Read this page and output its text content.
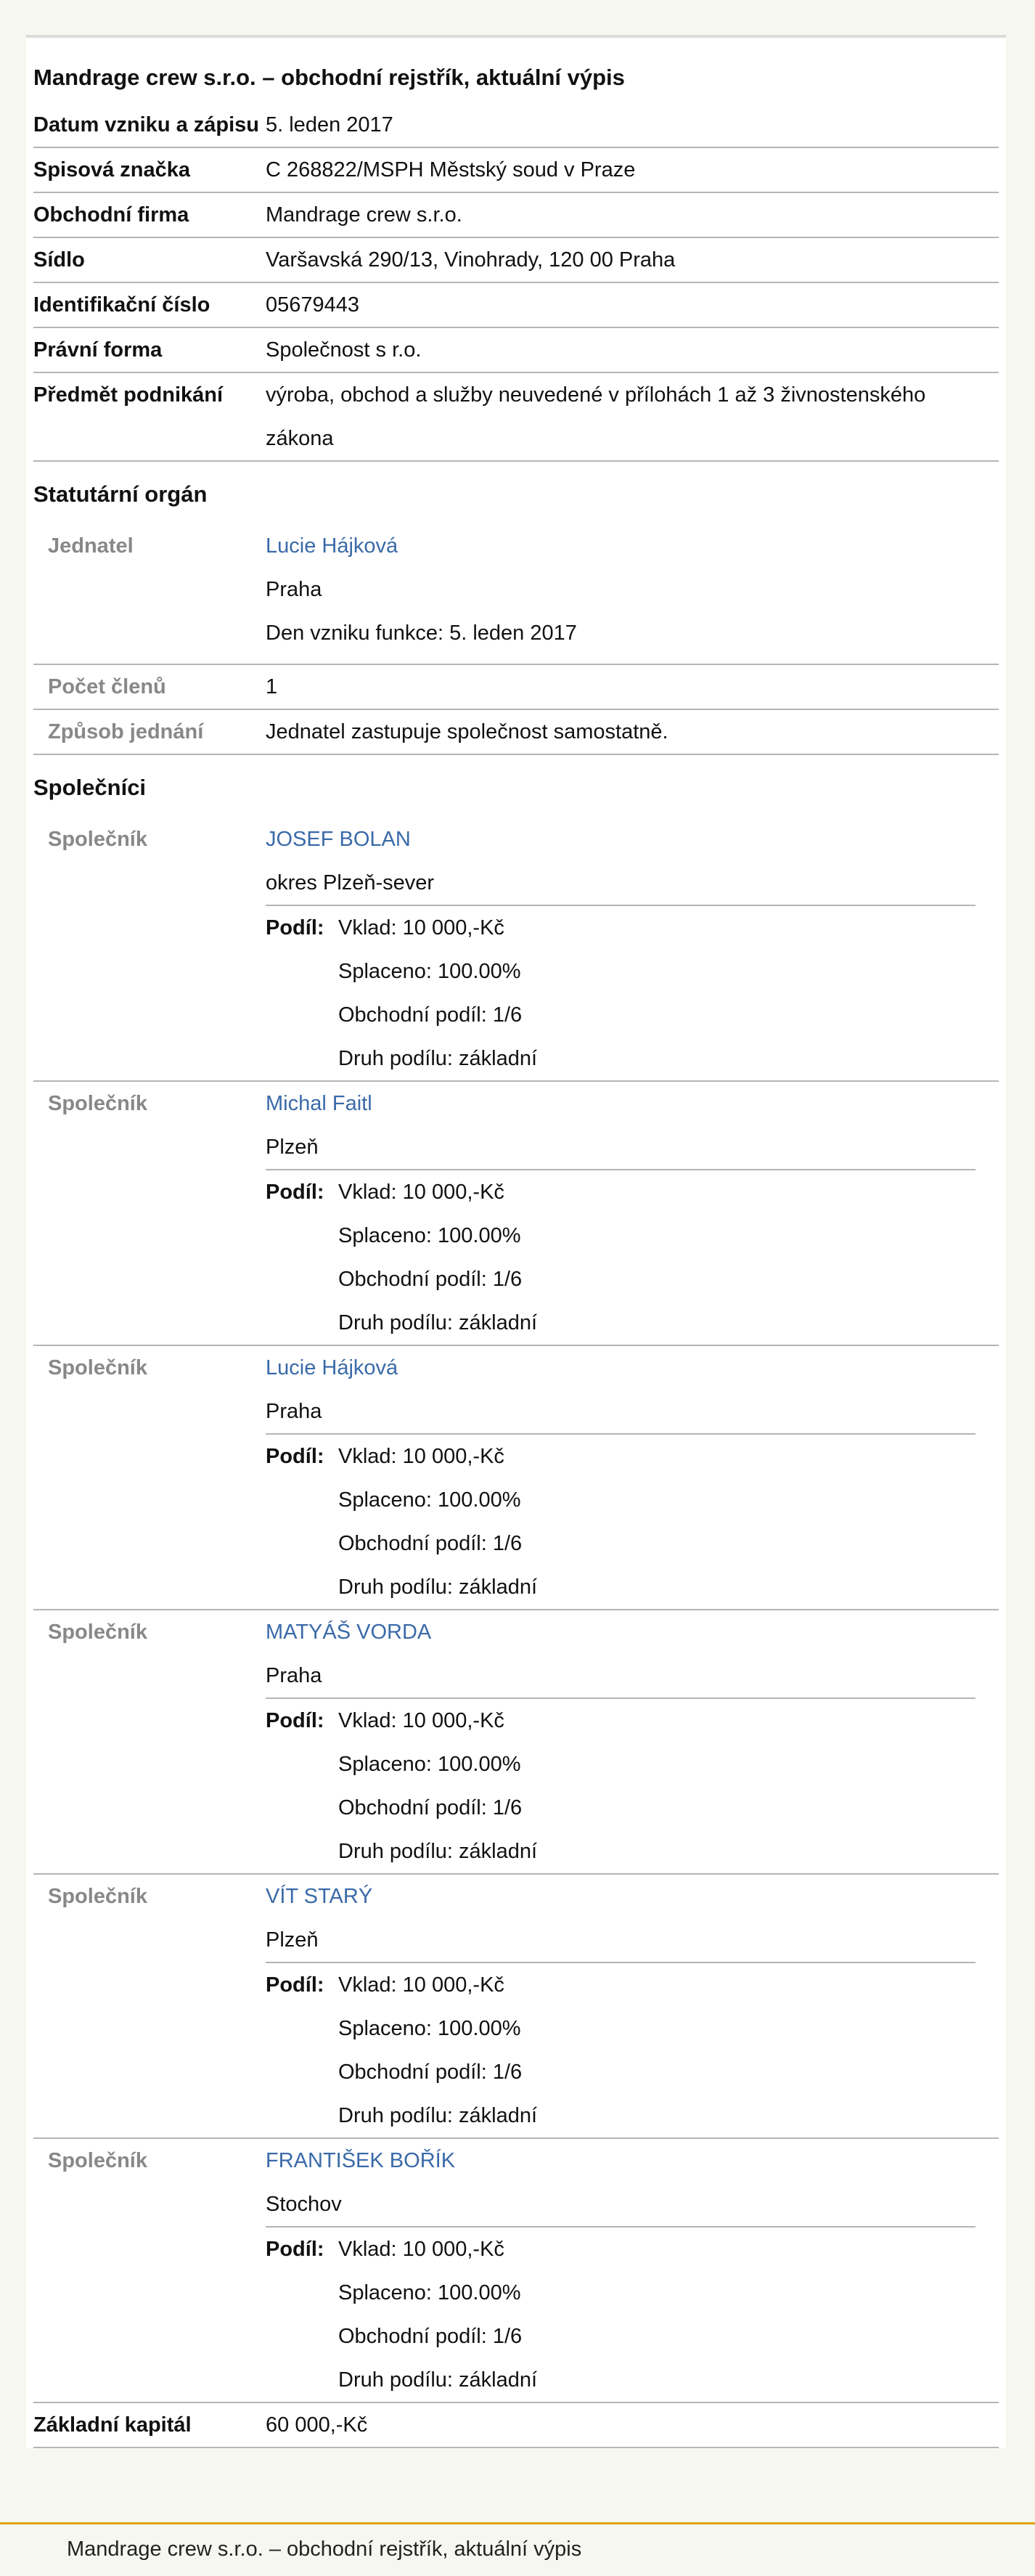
Mandrage crew s.r.o. – obchodní rejstřík, aktuální výpis
Datum vzniku a zápisu 5. leden 2017
Spisová značka	C 268822/MSPH Městský soud v Praze
Obchodní firma	Mandrage crew s.r.o.
Sídlo	Varšavská 290/13, Vinohrady, 120 00 Praha
Identifikační číslo	05679443
Právní forma	Společnost s r.o.
Předmět podnikání	výroba, obchod a služby neuvedené v přílohách 1 až 3 živnostenského zákona
Statutární orgán
Jednatel	Lucie Hájková
Praha
Den vzniku funkce: 5. leden 2017
Počet členů	1
Způsob jednání	Jednatel zastupuje společnost samostatně.
Společníci
Společník	JOSEF BOLAN
okres Plzeň-sever
Podíl: Vklad: 10 000,-Kč
Splaceno: 100.00%
Obchodní podíl: 1/6
Druh podílu: základní
Společník	Michal Faitl
Plzeň
Podíl: Vklad: 10 000,-Kč
Splaceno: 100.00%
Obchodní podíl: 1/6
Druh podílu: základní
Společník	Lucie Hájková
Praha
Podíl: Vklad: 10 000,-Kč
Splaceno: 100.00%
Obchodní podíl: 1/6
Druh podílu: základní
Společník	MATYÁŠ VORDA
Praha
Podíl: Vklad: 10 000,-Kč
Splaceno: 100.00%
Obchodní podíl: 1/6
Druh podílu: základní
Společník	VÍT STARÝ
Plzeň
Podíl: Vklad: 10 000,-Kč
Splaceno: 100.00%
Obchodní podíl: 1/6
Druh podílu: základní
Společník	FRANTIŠEK BOŘÍK
Stochov
Podíl: Vklad: 10 000,-Kč
Splaceno: 100.00%
Obchodní podíl: 1/6
Druh podílu: základní
Základní kapitál	60 000,-Kč
Mandrage crew s.r.o. – obchodní rejstřík, aktuální výpis
